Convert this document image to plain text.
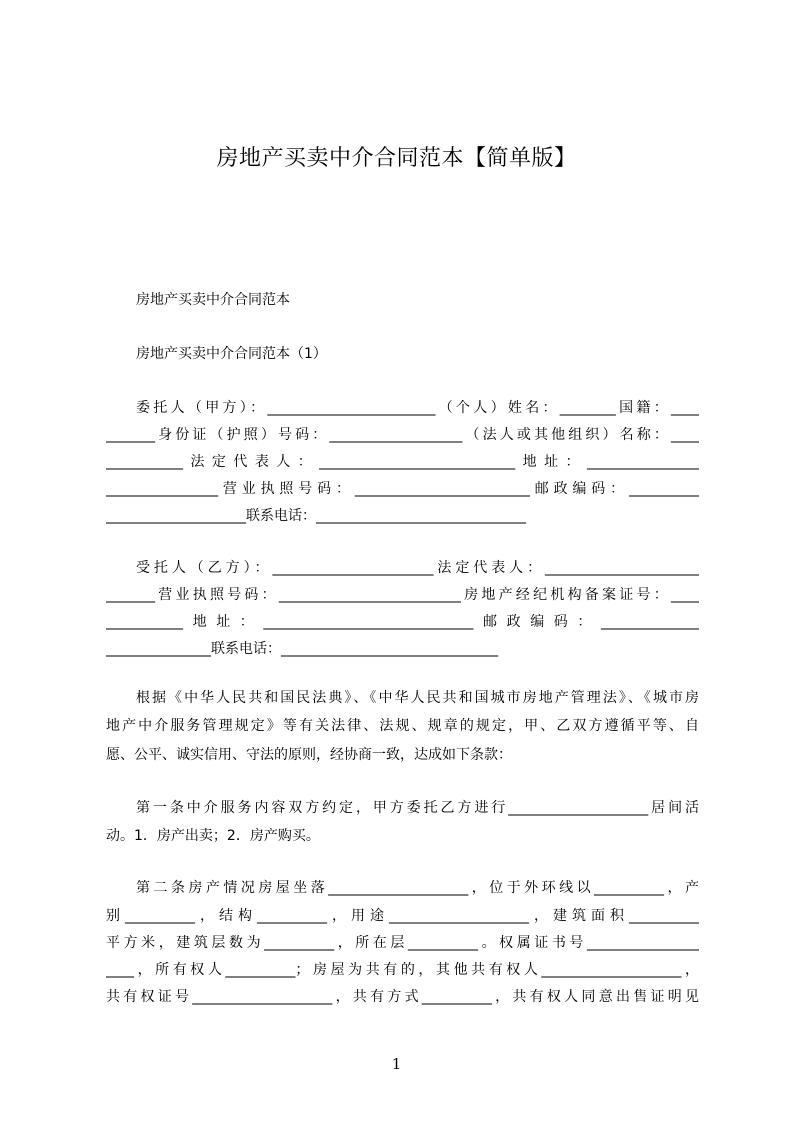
房地产买卖中介合同范本【简单版】
房地产买卖中介合同范本
房地产买卖中介合同范本（1）
委托人（甲方）：________________________（个人）姓名：________国籍：____
_______身份证（护照）号码：___________________（法人或其他组织）名称：____
___________法定代表人：____________________________地址：________________
________________营业执照号码：_________________________邮政编码：__________
____________________联系电话：______________________________
受托人（乙方）：_______________________法定代表人：______________________
_______营业执照号码：__________________________房地产经纪机构备案证号：____
___________地址：______________________________邮政编码：______________
_______________联系电话：_______________________________
根据《中华人民共和国民法典》、《中华人民共和国城市房地产管理法》、《城市房
地产中介服务管理规定》等有关法律、法规、规章的规定，甲、乙双方遵循平等、自
愿、公平、诚实信用、守法的原则，经协商一致，达成如下条款：
第一条中介服务内容双方约定，甲方委托乙方进行____________________居间活
动。1．房产出卖；2．房产购买。
第二条房产情况房屋坐落____________________，位于外环线以__________，产
别__________，结构__________，用途____________________，建筑面积__________
平方米，建筑层数为__________，所在层__________。权属证书号________________
____，所有权人__________；房屋为共有的，其他共有权人____________________，
共有权证号____________________，共有方式__________，共有权人同意出售证明见
1
